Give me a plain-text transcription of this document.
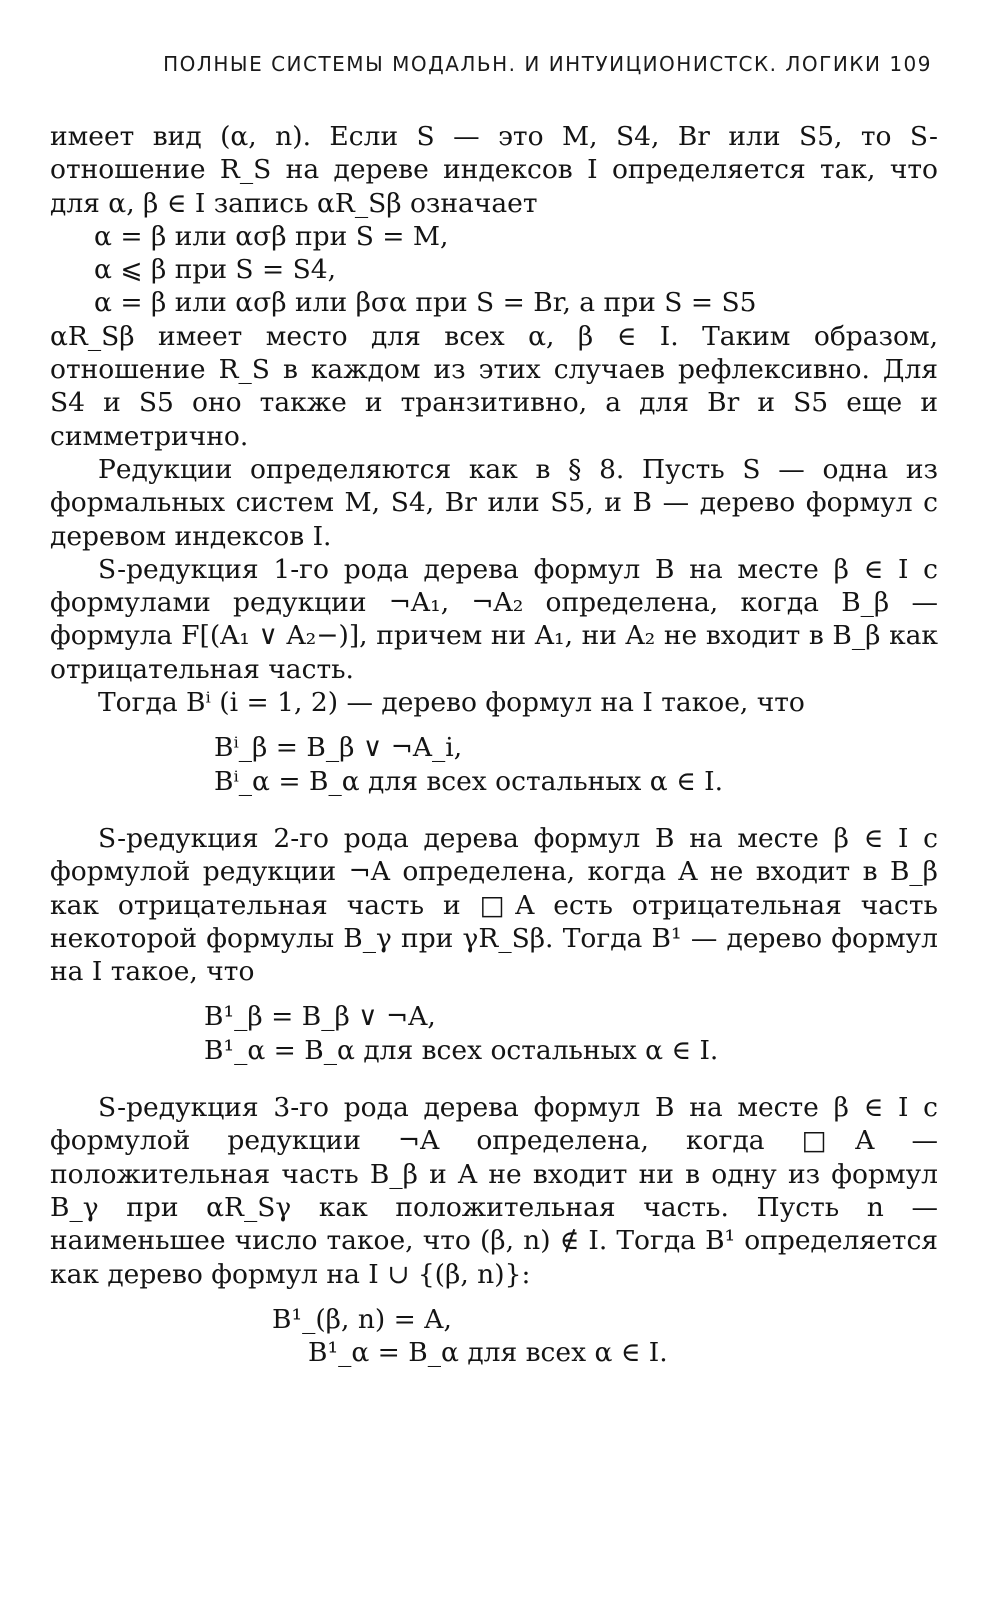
ПОЛНЫЕ СИСТЕМЫ МОДАЛЬН. И ИНТУИЦИОНИСТСК. ЛОГИКИ 109

имеет вид (α, n). Если S — это M, S4, Br или S5, то S-отношение R_S на дереве индексов I определяется так, что для α, β ∈ I запись αR_Sβ означает

α = β или ασβ при S = M,

α ⩽ β при S = S4,

α = β или ασβ или βσα при S = Br, а при S = S5

αR_Sβ имеет место для всех α, β ∈ I. Таким образом, отношение R_S в каждом из этих случаев рефлексивно. Для S4 и S5 оно также и транзитивно, а для Br и S5 еще и симметрично.

Редукции определяются как в § 8. Пусть S — одна из формальных систем M, S4, Br или S5, и B — дерево формул с деревом индексов I.

S-редукция 1-го рода дерева формул B на месте β ∈ I с формулами редукции ¬A₁, ¬A₂ определена, когда B_β — формула F[(A₁ ∨ A₂−)], причем ни A₁, ни A₂ не входит в B_β как отрицательная часть.

Тогда Bⁱ (i = 1, 2) — дерево формул на I такое, что

Bⁱ_β = B_β ∨ ¬A_i,

Bⁱ_α = B_α для всех остальных α ∈ I.

S-редукция 2-го рода дерева формул B на месте β ∈ I с формулой редукции ¬A определена, когда A не входит в B_β как отрицательная часть и □A есть отрицательная часть некоторой формулы B_γ при γR_Sβ. Тогда B¹ — дерево формул на I такое, что

B¹_β = B_β ∨ ¬A,

B¹_α = B_α для всех остальных α ∈ I.

S-редукция 3-го рода дерева формул B на месте β ∈ I с формулой редукции ¬A определена, когда □A — положительная часть B_β и A не входит ни в одну из формул B_γ при αR_Sγ как положительная часть. Пусть n — наименьшее число такое, что (β, n) ∉ I. Тогда B¹ определяется как дерево формул на I ∪ {(β, n)}:

B¹_(β, n) = A,

B¹_α = B_α для всех α ∈ I.
